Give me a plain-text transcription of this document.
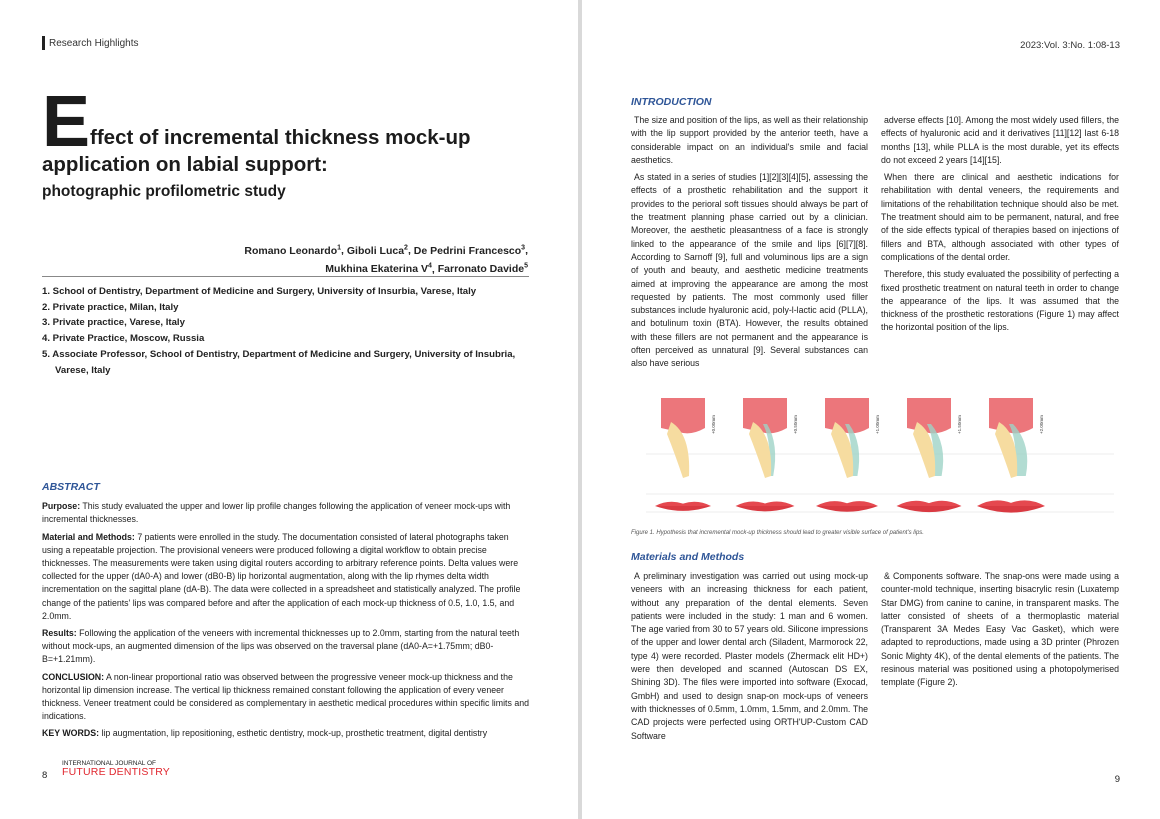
Research Highlights
E ffect of incremental thickness mock-up
application on labial support:
photographic profilometric study
Romano Leonardo$^1$, Giboli Luca$^2$, De Pedrini Francesco$^3$,
Mukhina Ekaterina $V^4$, Farronato Davide$^5$
1. School of Dentistry, Department of Medicine and Surgery, University of Insurbia, Varese, Italy
2. Private practice, Milan, Italy
3. Private practice, Varese, Italy
4. Private Practice, Moscow, Russia
5. Associate Professor, School of Dentistry, Department of Medicine and Surgery, University of Insubria, Varese, Italy
ABSTRACT

Purpose: This study evaluated the upper and lower lip profile changes following the application of veneer mock-ups with incremental thicknesses.

Material and Methods: 7 patients were enrolled in the study. The documentation consisted of lateral photographs taken using a repeatable projection. The provisional veneers were produced following a digital workflow to obtain precise thicknesses. The measurements were taken using digital routers according to arbitrary reference points. Delta values were collected for the upper (dA0-A) and lower (dB0-B) lip horizontal augmentation, along with the lip rhymes delta width incrementation on the sagittal plane (dA-B). The data were collected in a spreadsheet and statistically analyzed. The profile change of the patients' lips was compared before and after the application of each mock-up thickness of 0.5, 1.0, 1.5, and 2.0mm.

Results: Following the application of the veneers with incremental thicknesses up to 2.0mm, starting from the natural teeth without mock-ups, an augmented dimension of the lips was observed on the traversal plane (dA0-A=+1.75mm; dB0-B=+1.21mm).

CONCLUSION: A non-linear proportional ratio was observed between the progressive veneer mock-up thickness and the horizontal lip dimension increase. The vertical lip thickness remained constant following the application of every veneer thickness. Veneer treatment could be considered as complementary in aesthetic medical procedures within specific limits and indications.

KEY WORDS: lip augmentation, lip repositioning, esthetic dentistry, mock-up, prosthetic treatment, digital dentistry

8
INTERNATIONAL JOURNAL OF
FUTURE DENTISTRY
2023:Vol. 3:No. 1:08-13
INTRODUCTION

The size and position of the lips, as well as their relationship with the lip support provided by the anterior teeth, have a considerable impact on an individual's smile and facial aesthetics.

As stated in a series of studies [1][2][3][4][5], assessing the effects of a prosthetic rehabilitation and the support it provides to the perioral soft tissues should always be part of the treatment planning phase carried out by a clinician. Moreover, the aesthetic pleasantness of a face is strongly linked to the appearance of the smile and lips [6][7][8]. According to Sarnoff [9], full and voluminous lips are a sign of youth and beauty, and aesthetic medicine treatments aimed at improving the appearance are among the most requested by patients. The most commonly used filler substances include hyaluronic acid, poly-l-lactic acid (PLLA), and botulinum toxin (BTA). However, the results obtained with these fillers are not permanent and the appearance is often perceived as unnatural [9]. Several substances can also have serious

adverse effects [10]. Among the most widely used fillers, the effects of hyaluronic acid and it derivatives [11][12] last 6-18 months [13], while PLLA is the most durable, yet its effects do not exceed 2 years [14][15].

When there are clinical and aesthetic indications for rehabilitation with dental veneers, the requirements and limitations of the rehabilitation technique should also be met. The treatment should aim to be permanent, natural, and free of the side effects typical of therapies based on injections of fillers and BTA, although associated with other types of complications of the dental order.

Therefore, this study evaluated the possibility of perfecting a fixed prosthetic treatment on natural teeth in order to change the appearance of the lips. It was assumed that the thickness of the prosthetic restorations (Figure 1) may affect the horizontal position of the lips.

+0.00mm	+0.50mm	+1.00mm	+1.50mm	+2.00mm
Figure 1. Hypothesis that incremental mock-up thickness should lead to greater visible surface of patient's lips.
Materials and Methods

A preliminary investigation was carried out using mock-up veneers with an increasing thickness for each patient, without any preparation of the dental elements. Seven patients were included in the study: 1 man and 6 women. The age varied from 30 to 57 years old. Silicone impressions of the upper and lower dental arch (Siladent, Marmorock 22, type 4) were recorded. Plaster models (Zhermack elit HD+) were then developed and scanned (Autoscan DS EX, Shining 3D). The files were imported into software (Exocad, GmbH) and used to design snap-on mock-ups of veneers with thicknesses of 0.5mm, 1.0mm, 1.5mm, and 2.0mm. The CAD projects were perfected using ORTH'UP-Custom CAD Software

& Components software. The snap-ons were made using a counter-mold technique, inserting bisacrylic resin (Luxatemp Star DMG) from canine to canine, in transparent masks. The latter consisted of sheets of a thermoplastic material (Transparent 3A Medes Easy Vac Gasket), which were adapted to reproductions, made using a 3D printer (Phrozen Sonic Mighty 4K), of the dental elements of the patients. The resinous material was positioned using a photopolymerised template (Figure 2).

9
